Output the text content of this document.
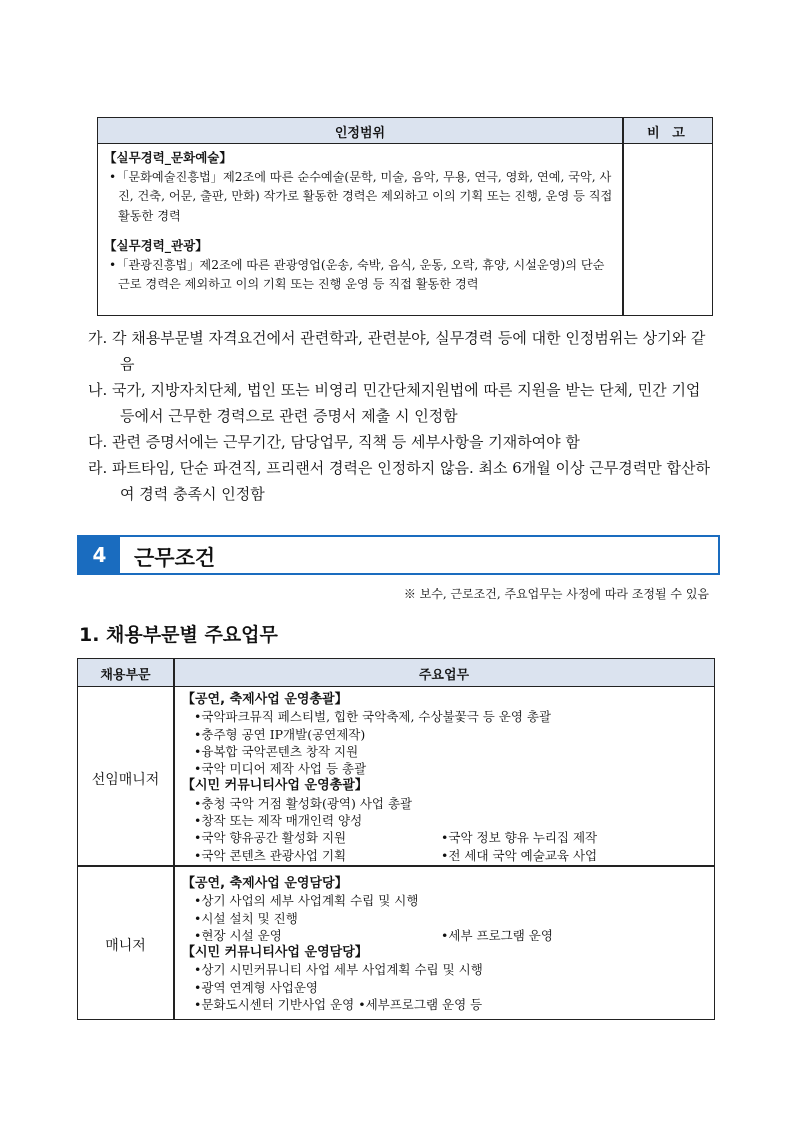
인정범위	비 고
【실무경력_문화예술】
•「문화예술진흥법」제2조에 따른 순수예술(문학, 미술, 음악, 무용, 연극, 영화, 연예, 국악, 사진, 건축, 어문, 출판, 만화) 작가로 활동한 경력은 제외하고 이의 기획 또는 진행, 운영 등 직접 활동한 경력
【실무경력_관광】
•「관광진흥법」제2조에 따른 관광영업(운송, 숙박, 음식, 운동, 오락, 휴양, 시설운영)의 단순 근로 경력은 제외하고 이의 기획 또는 진행 운영 등 직접 활동한 경력
가. 각 채용부문별 자격요건에서 관련학과, 관련분야, 실무경력 등에 대한 인정범위는 상기와 같음
나. 국가, 지방자치단체, 법인 또는 비영리 민간단체지원법에 따른 지원을 받는 단체, 민간 기업 등에서 근무한 경력으로 관련 증명서 제출 시 인정함
다. 관련 증명서에는 근무기간, 담당업무, 직책 등 세부사항을 기재하여야 함
라. 파트타임, 단순 파견직, 프리랜서 경력은 인정하지 않음. 최소 6개월 이상 근무경력만 합산하여 경력 충족시 인정함
4	근무조건
※ 보수, 근로조건, 주요업무는 사정에 따라 조정될 수 있음
1. 채용부문별 주요업무
채용부문	주요업무
선임매니저
【공연, 축제사업 운영총괄】
•국악파크뮤직 페스티벌, 힙한 국악축제, 수상불꽃극 등 운영 총괄
•충주형 공연 IP개발(공연제작)
•융복합 국악콘텐츠 창작 지원
•국악 미디어 제작 사업 등 총괄
【시민 커뮤니티사업 운영총괄】
•충청 국악 거점 활성화(광역) 사업 총괄
•창작 또는 제작 매개인력 양성
•국악 향유공간 활성화 지원	•국악 정보 향유 누리집 제작
•국악 콘텐츠 관광사업 기획	•전 세대 국악 예술교육 사업
매니저
【공연, 축제사업 운영담당】
•상기 사업의 세부 사업계획 수립 및 시행
•시설 설치 및 진행
•현장 시설 운영	•세부 프로그램 운영
【시민 커뮤니티사업 운영담당】
•상기 시민커뮤니티 사업 세부 사업계획 수립 및 시행
•광역 연계형 사업운영
•문화도시센터 기반사업 운영 •세부프로그램 운영 등
